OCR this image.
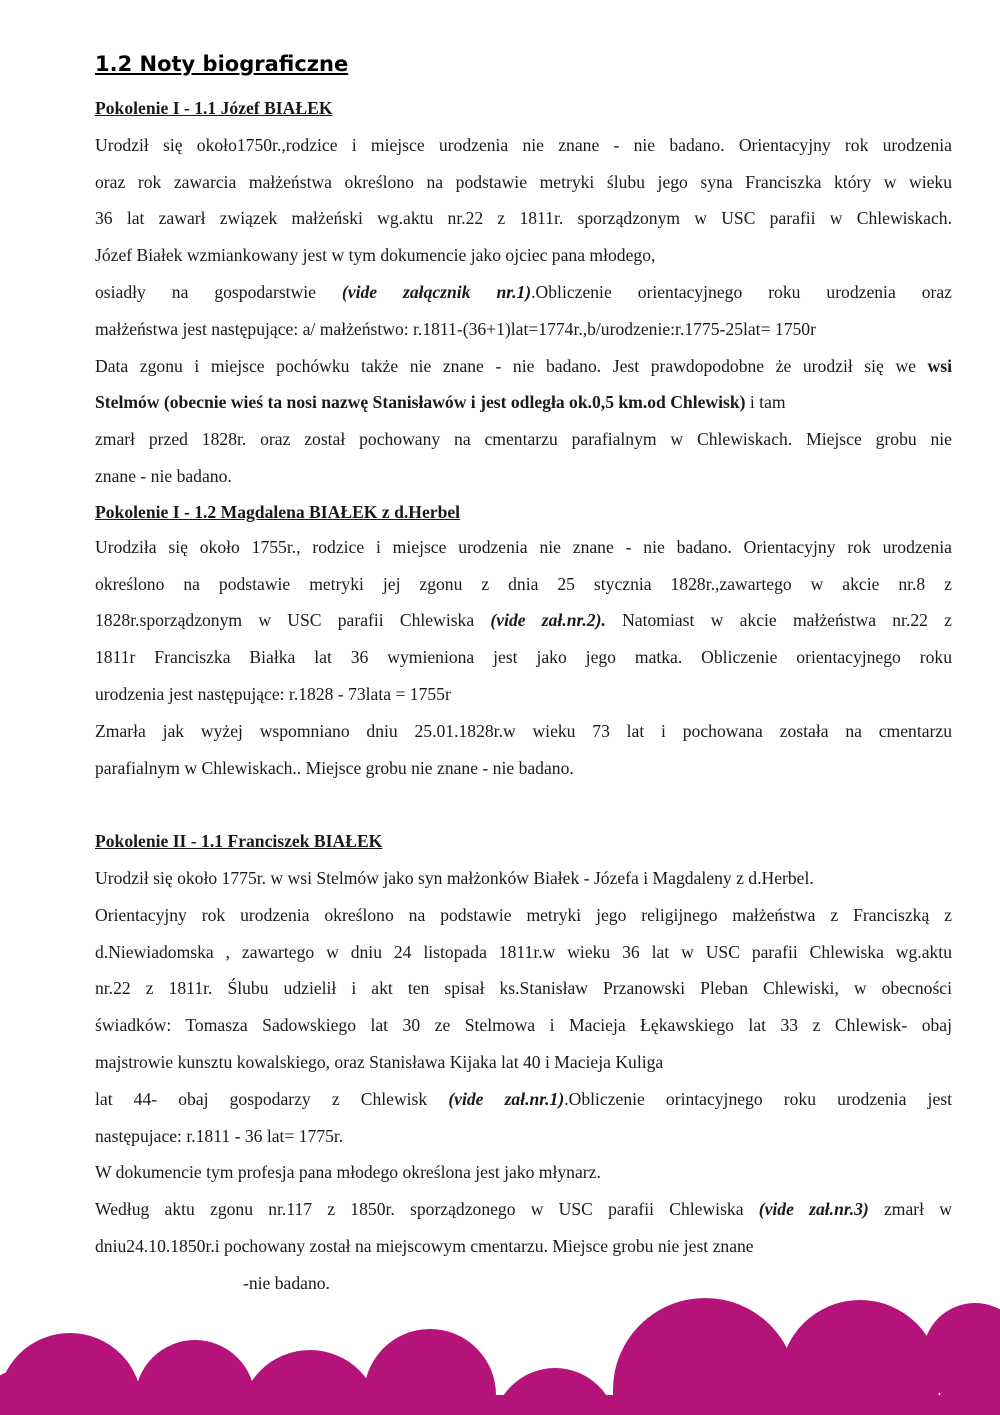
1.2 Noty biograficzne
Pokolenie I - 1.1 Józef BIAŁEK
Urodził się około1750r.,rodzice i miejsce urodzenia nie znane - nie badano. Orientacyjny rok urodzenia
oraz rok zawarcia małżeństwa określono na podstawie metryki ślubu jego syna Franciszka który w wieku
36 lat zawarł związek małżeński wg.aktu nr.22 z 1811r. sporządzonym w USC parafii w Chlewiskach.
Józef Białek wzmiankowany jest w tym dokumencie jako ojciec pana młodego,
osiadły na gospodarstwie (vide załącznik nr.1).Obliczenie orientacyjnego roku urodzenia oraz
małżeństwa jest następujące: a/ małżeństwo: r.1811-(36+1)lat=1774r.,b/urodzenie:r.1775-25lat= 1750r
Data zgonu i miejsce pochówku także nie znane - nie badano. Jest prawdopodobne że urodził się we wsi
Stelmów (obecnie wieś ta nosi nazwę Stanisławów i jest odległa ok.0,5 km.od Chlewisk) i tam
zmarł przed 1828r. oraz został pochowany na cmentarzu parafialnym w Chlewiskach. Miejsce grobu nie
znane - nie badano.
Pokolenie I - 1.2 Magdalena BIAŁEK z d.Herbel
Urodziła się około 1755r., rodzice i miejsce urodzenia nie znane - nie badano. Orientacyjny rok urodzenia
określono na podstawie metryki jej zgonu z dnia 25 stycznia 1828r.,zawartego w akcie nr.8 z
1828r.sporządzonym w USC parafii Chlewiska (vide zał.nr.2). Natomiast w akcie małżeństwa nr.22 z
1811r Franciszka Białka lat 36 wymieniona jest jako jego matka. Obliczenie orientacyjnego roku
urodzenia jest następujące: r.1828 - 73lata = 1755r
Zmarła jak wyżej wspomniano dniu 25.01.1828r.w wieku 73 lat i pochowana została na cmentarzu
parafialnym w Chlewiskach.. Miejsce grobu nie znane - nie badano.
Pokolenie II - 1.1 Franciszek BIAŁEK
Urodził się około 1775r. w wsi Stelmów jako syn małżonków Białek - Józefa i Magdaleny z d.Herbel.
Orientacyjny rok urodzenia określono na podstawie metryki jego religijnego małżeństwa z Franciszką z
d.Niewiadomska , zawartego w dniu 24 listopada 1811r.w wieku 36 lat w USC parafii Chlewiska wg.aktu
nr.22 z 1811r. Ślubu udzielił i akt ten spisał ks.Stanisław Przanowski Pleban Chlewiski, w obecności
świadków: Tomasza Sadowskiego lat 30 ze Stelmowa i Macieja Łękawskiego lat 33 z Chlewisk- obaj
majstrowie kunsztu kowalskiego, oraz Stanisława Kijaka lat 40 i Macieja Kuliga
lat 44- obaj gospodarzy z Chlewisk (vide zał.nr.1).Obliczenie orintacyjnego roku urodzenia jest
następujace: r.1811 - 36 lat= 1775r.
W dokumencie tym profesja pana młodego określona jest jako młynarz.
Według aktu zgonu nr.117 z 1850r. sporządzonego w USC parafii Chlewiska (vide zał.nr.3) zmarł w
dniu24.10.1850r.i pochowany został na miejscowym cmentarzu. Miejsce grobu nie jest znane
-nie badano.
